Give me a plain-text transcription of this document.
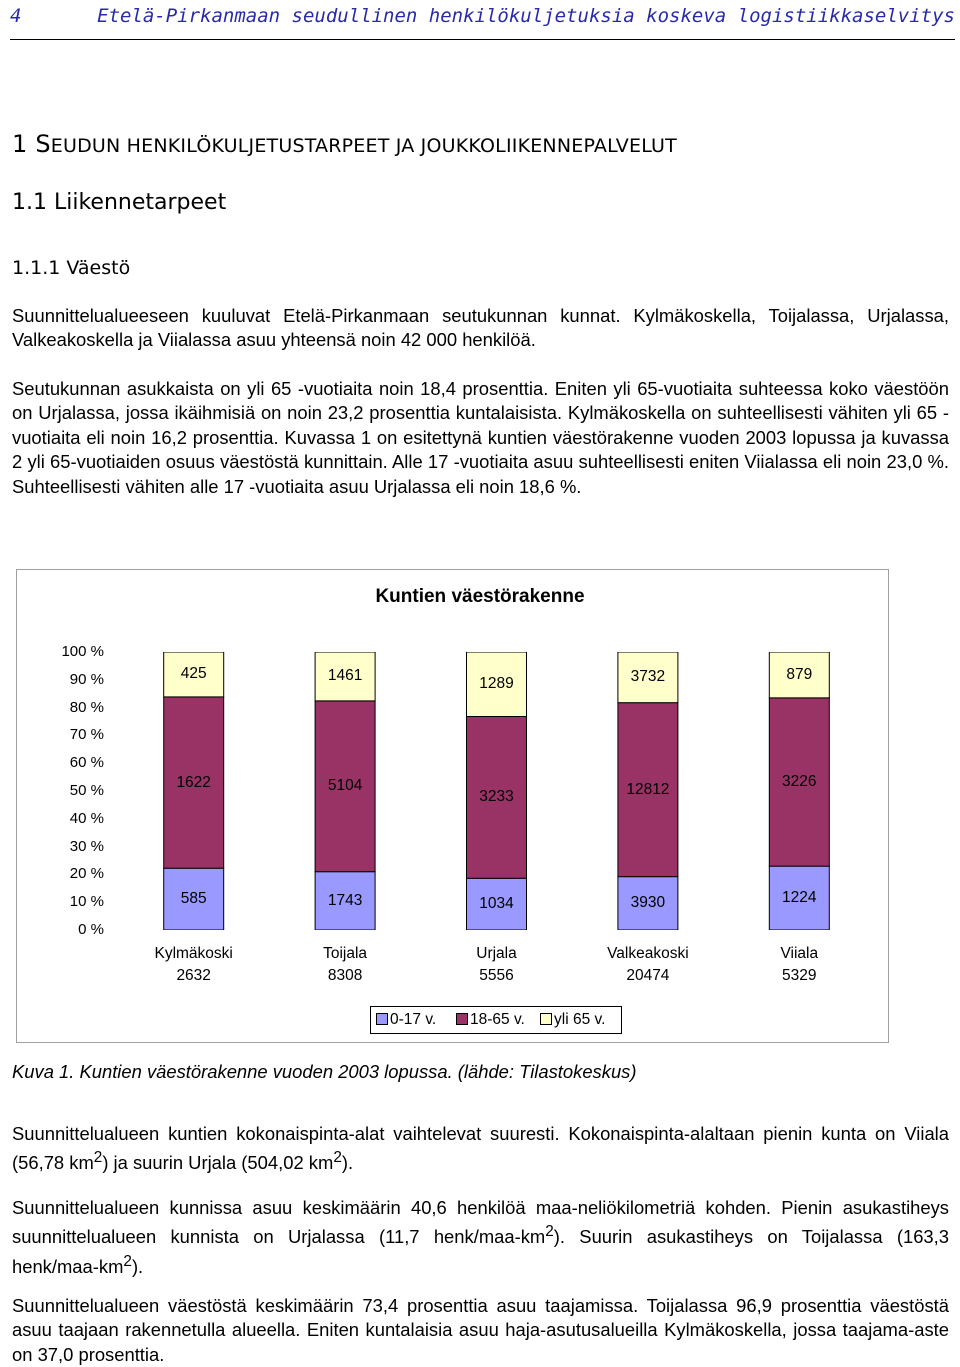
4	Etelä-Pirkanmaan seudullinen henkilökuljetuksia koskeva logistiikkaselvitys
1 SEUDUN HENKILÖKULJETUSTARPEET JA JOUKKOLIIKENNEPALVELUT
1.1 Liikennetarpeet
1.1.1 Väestö

Suunnittelualueeseen kuuluvat Etelä-Pirkanmaan seutukunnan kunnat. Kylmäkoskella, Toijalassa, Urjalassa, Valkeakoskella ja Viialassa asuu yhteensä noin 42 000 henkilöä.

Seutukunnan asukkaista on yli 65 -vuotiaita noin 18,4 prosenttia. Eniten yli 65-vuotiaita suhteessa koko väestöön on Urjalassa, jossa ikäihmisiä on noin 23,2 prosenttia kuntalaisista. Kylmäkoskella on suhteellisesti vähiten yli 65 -vuotiaita eli noin 16,2 prosenttia. Kuvassa 1 on esitettynä kuntien väestörakenne vuoden 2003 lopussa ja kuvassa 2 yli 65-vuotiaiden osuus väestöstä kunnittain. Alle 17 -vuotiaita asuu suhteellisesti eniten Viialassa eli noin 23,0 %. Suhteellisesti vähiten alle 17 -vuotiaita asuu Urjalassa eli noin 18,6 %.

Kuntien väestörakenne
0 %
10 %
20 %
30 %
40 %
50 %
60 %
70 %
80 %
90 %
100 %
585
1622
425
Kylmäkoski
2632
1743
5104
1461
Toijala
8308
1034
3233
1289
Urjala
5556
3930
12812
3732
Valkeakoski
20474
1224
3226
879
Viiala
5329
0-17 v.	18-65 v.	yli 65 v.
Kuva 1. Kuntien väestörakenne vuoden 2003 lopussa. (lähde: Tilastokeskus)

Suunnittelualueen kuntien kokonaispinta-alat vaihtelevat suuresti. Kokonaispinta-alaltaan pienin kunta on Viiala (56,78 $km^2$) ja suurin Urjala (504,02 $km^2$).

Suunnittelualueen kunnissa asuu keskimäärin 40,6 henkilöä maa-neliökilometriä kohden. Pienin asukastiheys suunnittelualueen kunnista on Urjalassa (11,7 henk/$maa-km^2$). Suurin asukastiheys on Toijalassa (163,3 henk/$maa-km^2$).

Suunnittelualueen väestöstä keskimäärin 73,4 prosenttia asuu taajamissa. Toijalassa 96,9 prosenttia väestöstä asuu taajaan rakennetulla alueella. Eniten kuntalaisia asuu haja-asutusalueilla Kylmäkoskella, jossa taajama-aste on 37,0 prosenttia.
